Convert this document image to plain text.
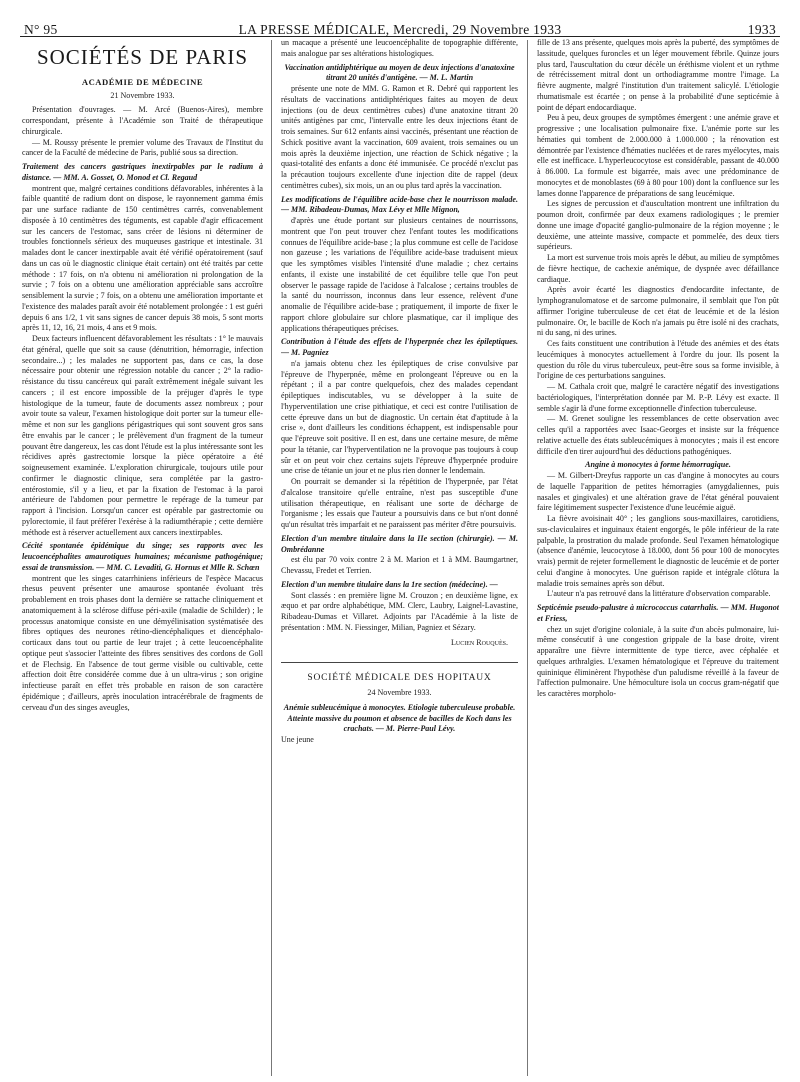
N° 95	LA PRESSE MÉDICALE, Mercredi, 29 Novembre 1933	1933
SOCIÉTÉS DE PARIS
ACADÉMIE DE MÉDECINE

21 Novembre 1933.

Présentation d'ouvrages. — M. Arcé (Buenos-Aires), membre correspondant, présente à l'Académie son Traité de thérapeutique chirurgicale.

— M. Roussy présente le premier volume des Travaux de l'Institut du cancer de la Faculté de médecine de Paris, publié sous sa direction.

Traitement des cancers gastriques inextirpables par le radium à distance. — MM. A. Gosset, O. Monod et Cl. Regaud

montrent que, malgré certaines conditions défavorables, inhérentes à la faible quantité de radium dont on dispose, le rayonnement gamma émis par une surface radiante de 150 centimètres carrés, convenablement disposée à 10 centimètres des téguments, est capable d'agir efficacement sur les cancers de l'estomac, sans créer de lésions ni déterminer de troubles fonctionnels sérieux des muqueuses gastrique et intestinale. 31 malades dont le cancer inextirpable avait été vérifié opératoirement (sauf dans un cas où le diagnostic clinique était certain) ont été traités par cette méthode : 17 fois, on n'a obtenu ni amélioration ni prolongation de la survie ; 7 fois on a obtenu une amélioration appréciable sans accroître sensiblement la survie ; 7 fois, on a obtenu une amélioration importante et l'existence des malades paraît avoir été notablement prolongée : 1 est guéri depuis 6 ans 1/2, 1 vit sans signes de cancer depuis 38 mois, 5 sont morts après 11, 12, 16, 21 mois, 4 ans et 9 mois.

Deux facteurs influencent défavorablement les résultats : 1° le mauvais état général, quelle que soit sa cause (dénutrition, hémorragie, infection secondaire...) ; les malades ne supportent pas, dans ce cas, la dose nécessaire pour obtenir une régression notable du cancer ; 2° la radio-résistance du tissu cancéreux qui paraît extrêmement inégale suivant les cancers ; il est encore impossible de la préjuger d'après le type histologique de la tumeur, faute de documents assez nombreux ; pour avoir toute sa valeur, l'examen histologique doit porter sur la tumeur elle-même et non sur les ganglions périgastriques qui sont souvent gros sans être envahis par le cancer ; le prélèvement d'un fragment de la tumeur pouvant être dangereux, les cas dont l'étude est la plus intéressante sont les récidives après gastrectomie lorsque la pièce opératoire a été soigneusement examinée. L'exploration chirurgicale, toujours utile pour confirmer le diagnostic clinique, sera complétée par la gastro-entérostomie, s'il y a lieu, et par la fixation de l'estomac à la paroi antérieure de l'abdomen pour permettre le repérage de la tumeur par rapport à l'incision. Lorsqu'un cancer est opérable par gastrectomie ou pylorectomie, il faut préférer l'exérèse à la radiumthérapie ; cette dernière méthode est à réserver actuellement aux cancers inextirpables.

Cécité spontanée épidémique du singe; ses rapports avec les leucoencéphalites amaurotiques humaines; mécanisme pathogénique; essai de transmission. — MM. C. Levaditi, G. Hornus et Mlle R. Schœn

montrent que les singes catarrhiniens inférieurs de l'espèce Macacus rhesus peuvent présenter une amaurose spontanée évoluant très probablement en trois phases dont la dernière se rattache cliniquement et anatomiquement à la sclérose diffuse péri-axile (maladie de Schilder) ; le processus anatomique consiste en une démyélinisation systématisée des fibres optiques des neurones rétino-diencéphaliques et diencéphalo-corticaux dans tout ou partie de leur trajet ; à cette leucoencéphalite optique peut s'associer l'atteinte des fibres sensitives des cordons de Goll et de Flechsig. En l'absence de tout germe visible ou cultivable, cette affection doit être considérée comme due à un ultra-virus ; son origine infectieuse paraît en effet très probable en raison de son caractère épidémique ; d'ailleurs, après inoculation intracérébrale de fragments de cerveau d'un des singes aveugles,

un macaque a présenté une leucoencéphalite de topographie différente, mais analogue par ses altérations histologiques.

Vaccination antidiphtérique au moyen de deux injections d'anatoxine titrant 20 unités d'antigène. — M. L. Martin

présente une note de MM. G. Ramon et R. Debré qui rapportent les résultats de vaccinations antidiphtériques faites au moyen de deux injections (ou de deux centimètres cubes) d'une anatoxine titrant 20 unités antigènes par cmc, l'intervalle entre les deux injections étant de trois semaines. Sur 612 enfants ainsi vaccinés, présentant une réaction de Schick positive avant la vaccination, 609 avaient, trois semaines ou un mois après la deuxième injection, une réaction de Schick négative ; la quasi-totalité des enfants a donc été immunisée. Ce procédé n'exclut pas la précaution toujours excellente d'une injection dite de rappel (deux centimètres cubes), six mois, un an ou plus tard après la vaccination.

Les modifications de l'équilibre acide-base chez le nourrisson malade. — MM. Ribadeau-Dumas, Max Lévy et Mlle Mignon,

d'après une étude portant sur plusieurs centaines de nourrissons, montrent que l'on peut trouver chez l'enfant toutes les modifications connues de l'équilibre acide-base ; la plus commune est celle de l'acidose non gazeuse ; les variations de l'équilibre acide-base traduisent mieux que les symptômes visibles l'intensité d'une maladie ; chez certains enfants, il existe une instabilité de cet équilibre telle que l'on peut observer le passage rapide de l'acidose à l'alcalose ; certains troubles de la santé du nourrisson, inconnus dans leur essence, relèvent d'une anomalie de l'équilibre acide-base ; pratiquement, il importe de fixer le rapport chlore globulaire sur chlore plasmatique, car il implique des applications thérapeutiques précises.

Contribution à l'étude des effets de l'hyperpnée chez les épileptiques. — M. Pagniez

n'a jamais obtenu chez les épileptiques de crise convulsive par l'épreuve de l'hyperpnée, même en prolongeant l'épreuve ou en la répétant ; il a par contre quelquefois, chez des malades cependant épileptiques indiscutables, vu se développer à la suite de l'hyperventilation une crise pithiatique, et ceci est contre l'utilisation de cette épreuve dans un but de diagnostic. Un certain état d'aptitude à la crise », dont d'ailleurs les conditions échappent, est indispensable pour que l'épreuve soit positive. Il en est, dans une certaine mesure, de même pour la tétanie, car l'hyperventilation ne la provoque pas toujours à coup sûr et on peut voir chez certains sujets l'épreuve d'hyperpnée produire une crise de tétanie un jour et ne plus rien donner le lendemain.

On pourrait se demander si la répétition de l'hyperpnée, par l'état d'alcalose transitoire qu'elle entraîne, n'est pas susceptible d'une utilisation thérapeutique, en réalisant une sorte de décharge de l'organisme ; les essais que l'auteur a poursuivis dans ce but n'ont donné qu'un résultat très imparfait et ne paraissent pas mériter d'être poursuivis.

Election d'un membre titulaire dans la IIe section (chirurgie). — M. Ombrédanne

est élu par 70 voix contre 2 à M. Marion et 1 à MM. Baumgartner, Chevassu, Fredet et Terrien.

Election d'un membre titulaire dans la 1re section (médecine). —

Sont classés : en première ligne M. Crouzon ; en deuxième ligne, ex æquo et par ordre alphabétique, MM. Clerc, Laubry, Laignel-Lavastine, Ribadeau-Dumas et Villaret. Adjoints par l'Académie à la liste de présentation : MM. N. Fiessinger, Milian, Pagniez et Sézary.

Lucien Rouquès.

SOCIÉTÉ MÉDICALE DES HOPITAUX

24 Novembre 1933.

Anémie subleucémique à monocytes. Etiologie tuberculeuse probable. Atteinte massive du poumon et absence de bacilles de Koch dans les crachats. — M. Pierre-Paul Lévy.

Une jeune

fille de 13 ans présente, quelques mois après la puberté, des symptômes de lassitude, quelques furoncles et un léger mouvement fébrile. Quinze jours plus tard, l'auscultation du cœur décèle un éréthisme violent et un rythme de rétrécissement mitral dont un orthodiagramme montre l'image. La fièvre augmente, malgré l'institution d'un traitement salicylé. L'étiologie rhumatismale est écartée ; on pense à la probabilité d'une septicémie à point de départ endocardiaque.

Peu à peu, deux groupes de symptômes émergent : une anémie grave et progressive ; une localisation pulmonaire fixe. L'anémie porte sur les hématies qui tombent de 2.000.000 à 1.000.000 ; la rénovation est démontrée par l'existence d'hématies nucléées et de rares myélocytes, mais elle est inefficace. L'hyperleucocytose est considérable, passant de 40.000 à 86.000. La formule est bigarrée, mais avec une prédominance de monocytes et de monoblastes (69 à 80 pour 100) dont la confluence sur les lames donne l'apparence de préparations de sang leucémique.

Les signes de percussion et d'auscultation montrent une infiltration du poumon droit, confirmée par deux examens radiologiques ; le premier donne une image d'opacité ganglio-pulmonaire de la région moyenne ; le deuxième, une atteinte massive, compacte et pommelée, des deux tiers supérieurs.

La mort est survenue trois mois après le début, au milieu de symptômes de fièvre hectique, de cachexie anémique, de dyspnée avec défaillance cardiaque.

Après avoir écarté les diagnostics d'endocardite infectante, de lymphogranulomatose et de sarcome pulmonaire, il semblait que l'on pût affirmer l'origine tuberculeuse de cet état de leucémie et de la lésion pulmonaire. Or, le bacille de Koch n'a jamais pu être isolé ni des crachats, ni du sang, ni des urines.

Ces faits constituent une contribution à l'étude des anémies et des états leucémiques à monocytes actuellement à l'ordre du jour. Ils posent la question du rôle du virus tuberculeux, peut-être sous sa forme invisible, à l'origine de ces perturbations sanguines.

— M. Cathala croit que, malgré le caractère négatif des investigations bactériologiques, l'interprétation donnée par M. P.-P. Lévy est exacte. Il semble s'agir là d'une forme exceptionnelle d'infection tuberculeuse.

— M. Grenet souligne les ressemblances de cette observation avec celles qu'il a rapportées avec Isaac-Georges et insiste sur la fréquence relative actuelle des états subleucémiques à monocytes ; mais il est encore difficile d'en tirer aujourd'hui des déductions pathogéniques.

Angine à monocytes à forme hémorragique.

— M. Gilbert-Dreyfus rapporte un cas d'angine à monocytes au cours de laquelle l'apparition de petites hémorragies (amygdaliennes, puis nasales et gingivales) et une altération grave de l'état général pouvaient faire légitimement suspecter l'existence d'une leucémie aiguë.

La fièvre avoisinait 40° ; les ganglions sous-maxillaires, carotidiens, sus-claviculaires et inguinaux étaient engorgés, le pôle inférieur de la rate palpable, la prostration du malade profonde. Seul l'examen hématologique (absence d'anémie, leucocytose à 18.000, dont 56 pour 100 de monocytes vrais) permit de rejeter formellement le diagnostic de leucémie et de porter celui d'angine à monocytes. Une guérison rapide et intégrale clôtura la maladie trois semaines après son début.

L'auteur n'a pas retrouvé dans la littérature d'observation comparable.

Septicémie pseudo-palustre à micrococcus catarrhalis. — MM. Hugonot et Friess,

chez un sujet d'origine coloniale, à la suite d'un abcès pulmonaire, lui-même consécutif à une congestion grippale de la base droite, virent apparaître une fièvre intermittente de type tierce, avec céphalée et quelques arthralgies. L'examen hématologique et l'épreuve du traitement quininique éliminèrent l'hypothèse d'un paludisme réveillé à la faveur de l'affection pulmonaire. Une hémoculture isola un coccus gram-négatif que les caractères morpholo-
